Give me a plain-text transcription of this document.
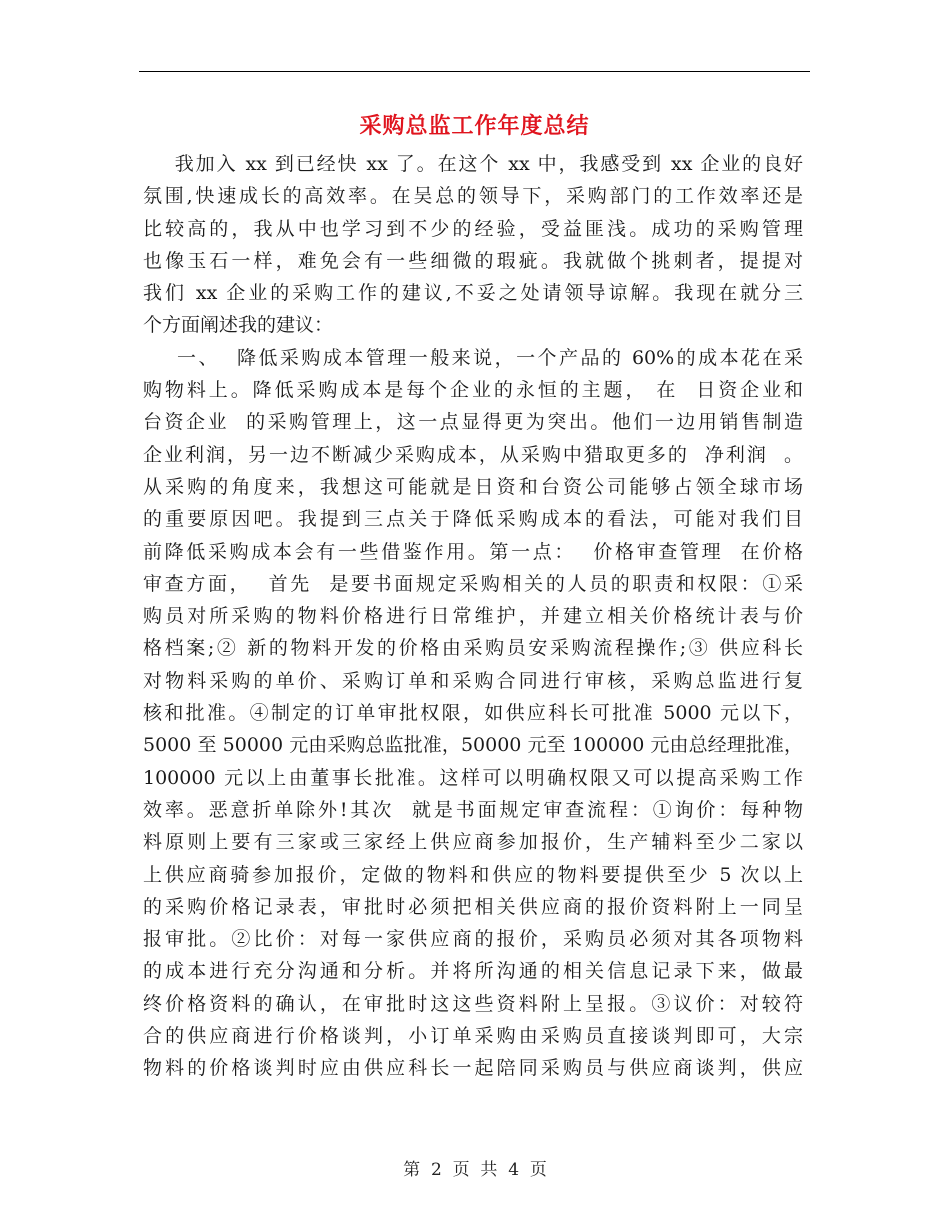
采购总监工作年度总结
我加入 xx 到已经快 xx 了。在这个 xx 中，我感受到 xx 企业的良好
氛围,快速成长的高效率。在吴总的领导下，采购部门的工作效率还是
比较高的，我从中也学习到不少的经验，受益匪浅。成功的采购管理
也像玉石一样，难免会有一些细微的瑕疵。我就做个挑刺者，提提对
我们 xx 企业的采购工作的建议,不妥之处请领导谅解。我现在就分三
个方面阐述我的建议：
一、  降低采购成本管理一般来说，一个产品的 60%的成本花在采
购物料上。降低采购成本是每个企业的永恒的主题， 在  日资企业和
台资企业  的采购管理上，这一点显得更为突出。他们一边用销售制造
企业利润，另一边不断减少采购成本，从采购中猎取更多的  净利润  。
从采购的角度来，我想这可能就是日资和台资公司能够占领全球市场
的重要原因吧。我提到三点关于降低采购成本的看法，可能对我们目
前降低采购成本会有一些借鉴作用。第一点：  价格审查管理  在价格
审查方面，  首先  是要书面规定采购相关的人员的职责和权限：①采
购员对所采购的物料价格进行日常维护，并建立相关价格统计表与价
格档案;② 新的物料开发的价格由采购员安采购流程操作;③ 供应科长
对物料采购的单价、采购订单和采购合同进行审核，采购总监进行复
核和批准。④制定的订单审批权限，如供应科长可批准 5000 元以下，
5000 至 50000 元由采购总监批准，50000 元至 100000 元由总经理批准，
100000 元以上由董事长批准。这样可以明确权限又可以提高采购工作
效率。恶意折单除外!其次  就是书面规定审查流程：①询价：每种物
料原则上要有三家或三家经上供应商参加报价，生产辅料至少二家以
上供应商骑参加报价，定做的物料和供应的物料要提供至少 5 次以上
的采购价格记录表，审批时必须把相关供应商的报价资料附上一同呈
报审批。②比价：对每一家供应商的报价，采购员必须对其各项物料
的成本进行充分沟通和分析。并将所沟通的相关信息记录下来，做最
终价格资料的确认，在审批时这这些资料附上呈报。③议价：对较符
合的供应商进行价格谈判，小订单采购由采购员直接谈判即可，大宗
物料的价格谈判时应由供应科长一起陪同采购员与供应商谈判，供应
第  2  页  共  4  页
